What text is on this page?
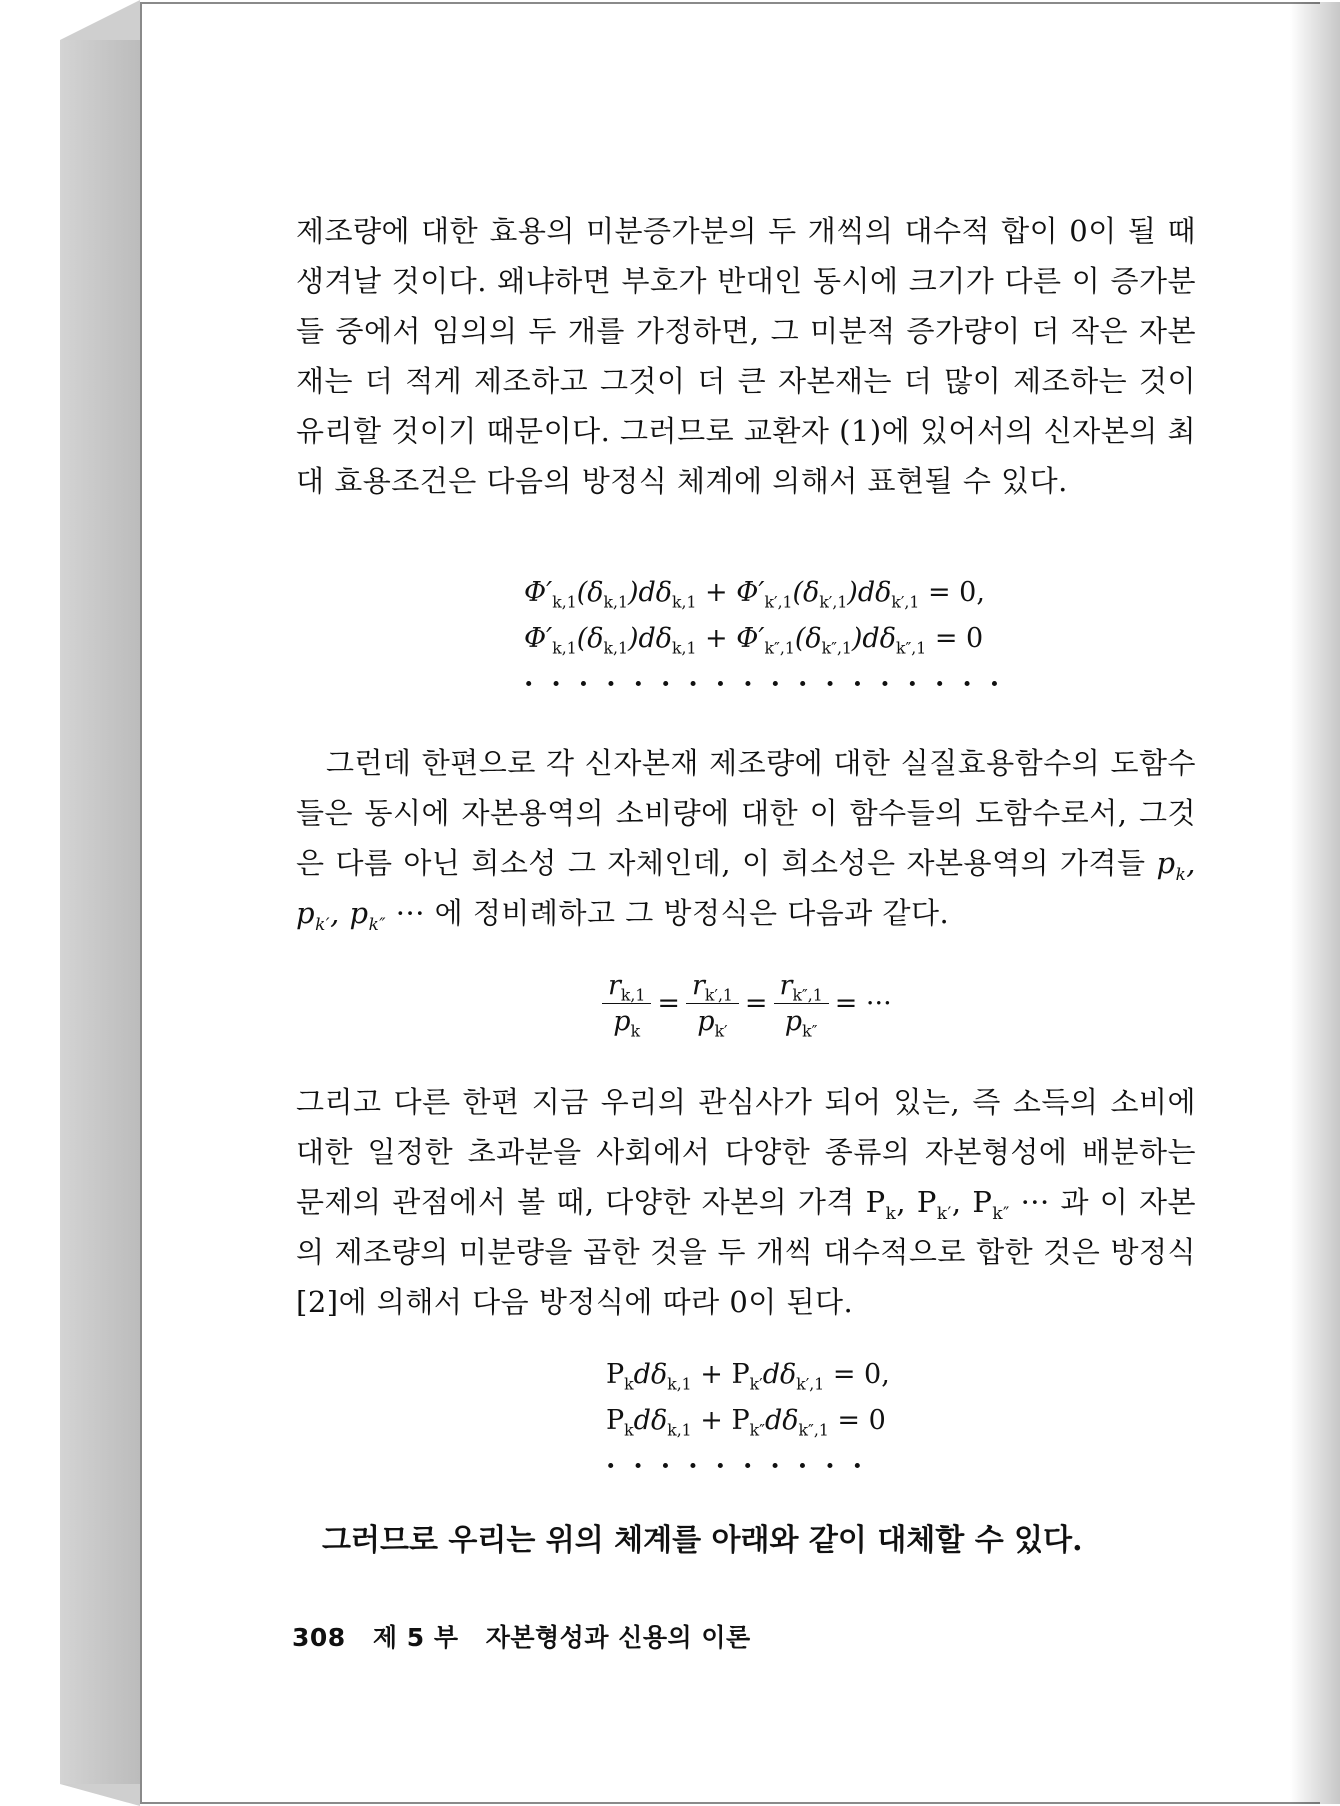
제조량에 대한 효용의 미분증가분의 두 개씩의 대수적 합이 0이 될 때 생겨날 것이다. 왜냐하면 부호가 반대인 동시에 크기가 다른 이 증가분들 중에서 임의의 두 개를 가정하면, 그 미분적 증가량이 더 작은 자본재는 더 적게 제조하고 그것이 더 큰 자본재는 더 많이 제조하는 것이 유리할 것이기 때문이다. 그러므로 교환자 (1)에 있어서의 신자본의 최대 효용조건은 다음의 방정식 체계에 의해서 표현될 수 있다.
$\Phi'_{k,1}(\delta_{k,1})d\delta_{k,1} + \Phi'_{k',1}(\delta_{k',1})d\delta_{k',1} = 0$,
$\Phi'_{k,1}(\delta_{k,1})d\delta_{k,1} + \Phi'_{k'',1}(\delta_{k'',1})d\delta_{k'',1} = 0$
··················
그런데 한편으로 각 신자본재 제조량에 대한 실질효용함수의 도함수들은 동시에 자본용역의 소비량에 대한 이 함수들의 도함수로서, 그것은 다름 아닌 희소성 그 자체인데, 이 희소성은 자본용역의 가격들 $p_k$, $p_{k'}$, $p_{k''}$ ··· 에 정비례하고 그 방정식은 다음과 같다.
$\frac{r_{k,1}}{p_k} = \frac{r_{k',1}}{p_{k'}} = \frac{r_{k'',1}}{p_{k''}}$ = ···
그리고 다른 한편 지금 우리의 관심사가 되어 있는, 즉 소득의 소비에 대한 일정한 초과분을 사회에서 다양한 종류의 자본형성에 배분하는 문제의 관점에서 볼 때, 다양한 자본의 가격 $P_k$, $P_{k'}$, $P_{k''}$ ··· 과 이 자본의 제조량의 미분량을 곱한 것을 두 개씩 대수적으로 합한 것은 방정식 [2]에 의해서 다음 방정식에 따라 0이 된다.
$P_kd\delta_{k,1} + P_{k'}d\delta_{k',1} = 0$,
$P_kd\delta_{k,1} + P_{k''}d\delta_{k'',1} = 0$
··········
그러므로 우리는 위의 체계를 아래와 같이 대체할 수 있다.
308 제 5 부 자본형성과 신용의 이론
